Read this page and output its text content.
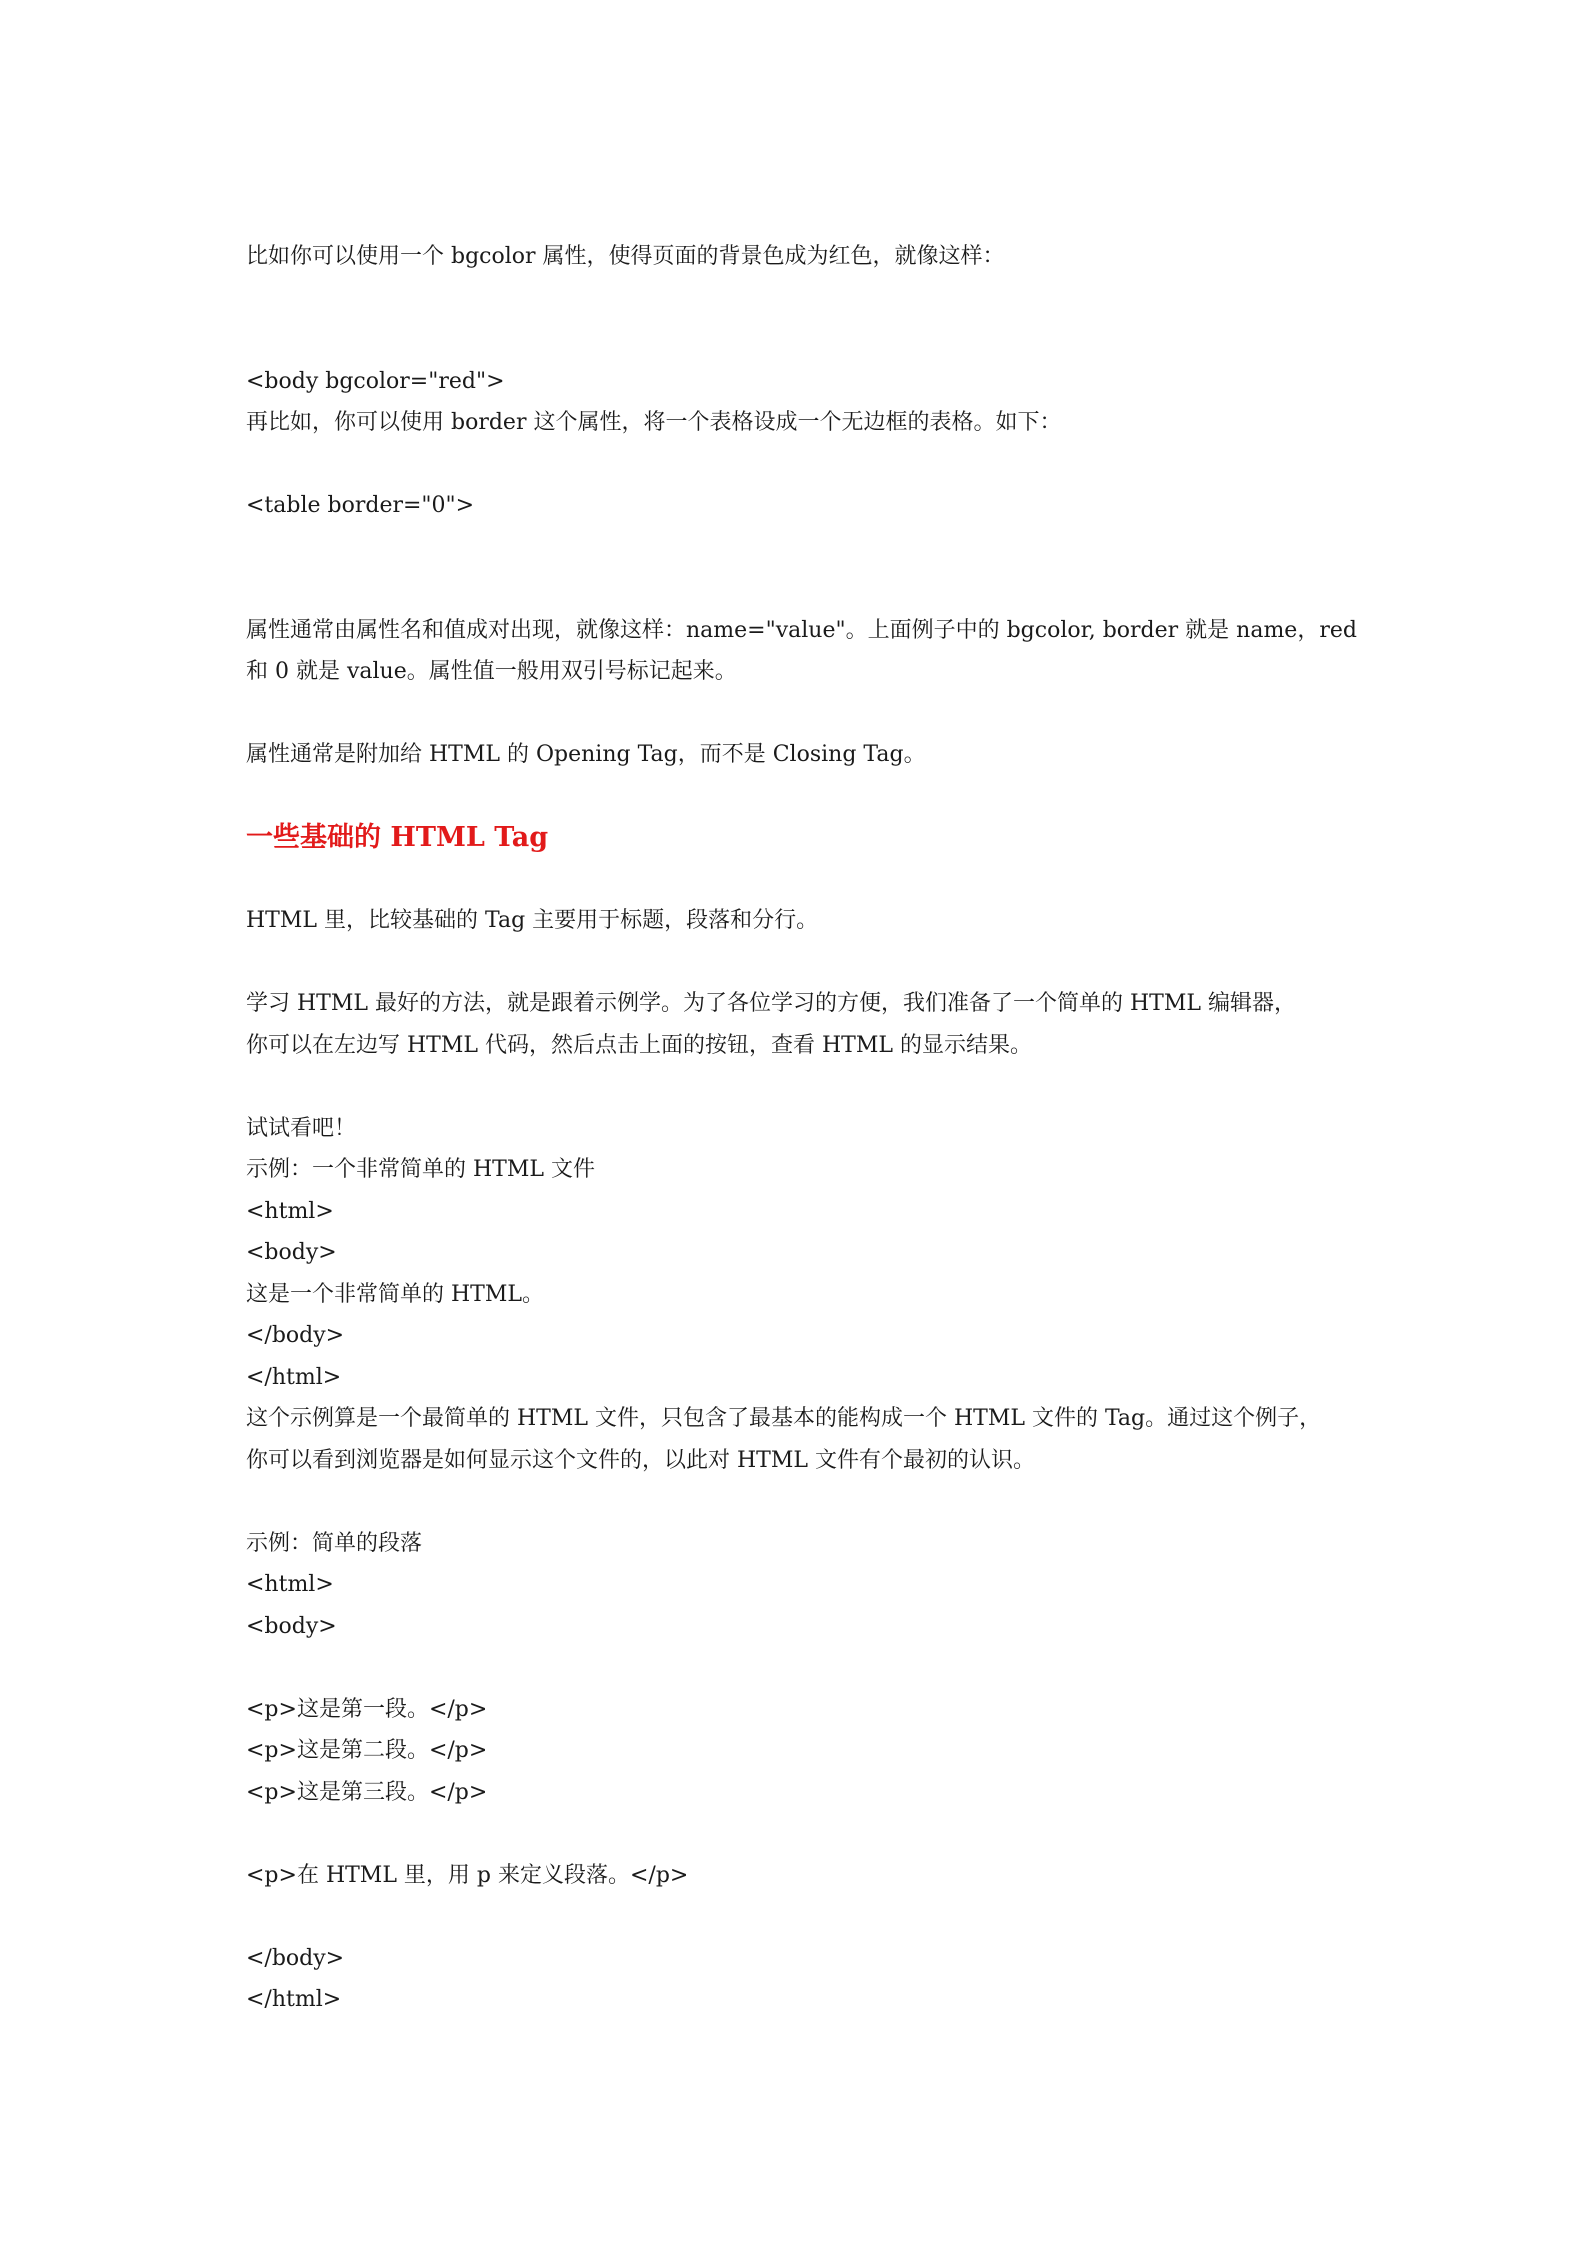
比如你可以使用一个 bgcolor 属性，使得页面的背景色成为红色，就像这样：

<body bgcolor="red">

再比如，你可以使用 border 这个属性，将一个表格设成一个无边框的表格。如下：

<table border="0">

属性通常由属性名和值成对出现，就像这样：name="value"。上面例子中的 bgcolor, border 就是 name，red

和 0 就是 value。属性值一般用双引号标记起来。

属性通常是附加给 HTML 的 Opening Tag，而不是 Closing Tag。

一些基础的 HTML Tag

HTML 里，比较基础的 Tag 主要用于标题，段落和分行。

学习 HTML 最好的方法，就是跟着示例学。为了各位学习的方便，我们准备了一个简单的 HTML 编辑器，

你可以在左边写 HTML 代码，然后点击上面的按钮，查看 HTML 的显示结果。

试试看吧！

示例：一个非常简单的 HTML 文件

<html>

<body>

这是一个非常简单的 HTML。

</body>

</html>

这个示例算是一个最简单的 HTML 文件，只包含了最基本的能构成一个 HTML 文件的 Tag。通过这个例子，

你可以看到浏览器是如何显示这个文件的，以此对 HTML 文件有个最初的认识。

示例：简单的段落

<html>

<body>

<p>这是第一段。</p>

<p>这是第二段。</p>

<p>这是第三段。</p>

<p>在 HTML 里，用 p 来定义段落。</p>

</body>

</html>
